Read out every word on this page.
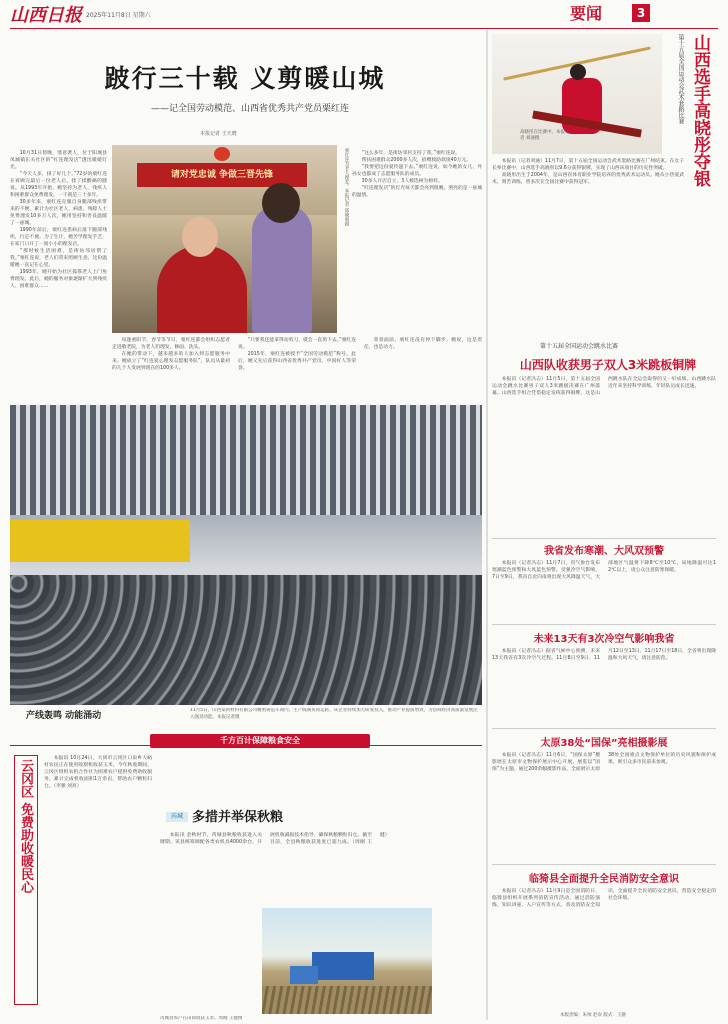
山西日报 2025年11月8日 星期六	要闻	3
跛行三十载 义剪暖山城
——记全国劳动模范、山西省优秀共产党员栗红连
本报记者 王天晓

10月31日傍晚，寒意袭人，位于阳城县凤城镇东关社区的“红连理发店”透出暖暖灯光。

“今天人多，排了好几个。”72岁的栗红连在看顾完最后一位老人后，揉了揉酸痛的腿说。从1993年开始，她坚持为老人、残疾人和困难群众免费理发，一干就是三十多年。

30多年来，栗红连克服自身腿部残疾带来的不便，累计为社区老人、病患、残障人士免费理发10多万人次，她用坚持和善良温暖了一座城。

1990年前后，栗红连患病后落下腿部残疾，行走不便。为了生计，她苦学理发手艺，在家门口开了一间小小的理发店。

“那时候生活困难，是街坊邻居帮了我。”栗红连说，老人们常来照顾生意，这份温暖她一直记在心里。

1993年，她开始为社区孤寡老人上门免费理发。此后，她的服务对象逐渐扩大到残疾人、困难群众……

请对党忠诚 争做三晋先锋	栗红连为老人理发。本报记者 郑晓娟摄	“这么多年，是街坊邻居支持了我。”栗红连说。

帮扶困难群众2000多人次，捐赠救助款项40万元。

“我要把这份爱传递下去。”栗红连说，如今她的女儿、外孙女也都成了志愿服务队的成员。

30多人开店自立，3人被选树为榜样。

“红连理发店”的灯光每天都会亮到很晚，照亮的是一座城的温情。

每逢重阳节、春节等节日，栗红连都会组织志愿者走进敬老院，为老人们理发、修面、洗头。

在她的带动下，越来越多的人加入到志愿服务中来。她成立了“红连爱心理发志愿服务队”，队员从最初的几个人发展到现在的100多人。

“只要我还能拿得动剪刀，就会一直剪下去。”栗红连说。

2015年，栗红连被授予“全国劳动模范”称号。此后，她又先后获得山西省优秀共产党员、中国好人等荣誉。

荣誉面前，栗红连没有停下脚步。她说，这是责任，也是动力。

产线轰鸣 动能涌动
11月5日，山西某新材料有限公司精密铸造车间内，生产线满负荷运转。该企业持续加大研发投入，推动产业提质增效，为县域经济高质量发展注入强劲动能。本报记者摄
千方百计保障粮食安全
云冈区 免费助收暖民心

本报讯 10月24日，大同市云冈区口泉乡大峪村农民正在使用收割机收获玉米。今年秋收期间，云冈区组织农机合作社为困难农户提供免费助收服务，累计完成机收面积1万余亩，帮助农户颗粒归仓。（李强 刘亮）

芮城 多措并举保秋粮

本报讯 金秋时节，芮城县秋粮收获进入关键期。该县统筹调配各类农机具4000余台，开展机收减损技术指导，确保秋粮颗粒归仓。截至目前，全县秋粮收获进度已超九成。（周刚 王健）

芮城县农户在田间收获玉米。周刚 王健摄
高晓彤在比赛中。本报记者 刘通摄
第十五届全国运动会武术套路比赛 山西选手高晓彤夺银

本报讯（记者刘通）11月7日，第十五届全国运动会武术套路比赛在广州结束。在女子长拳比赛中，山西选手高晓彤以9.6分获得银牌，实现了山西该项目的历史性突破。

高晓彤出生于2004年，是山西省体育职业学院培养的优秀武术运动员。她从小热爱武术，刻苦训练，曾多次在全国比赛中获得冠军。

第十五届全国运动会跳水比赛
山西队收获男子双人3米跳板铜牌

本报讯（记者冯志）11月5日，第十五届全国运动会跳水比赛男子双人3米跳板决赛在广州落幕。山西选手组合凭借稳定发挥获得铜牌，这是山西跳水队在全运会取得的又一好成绩。山西跳水队近年来坚持科学训练，年轻队员成长迅速。

我省发布寒潮、大风双预警

本报讯（记者冯志）11月7日，省气象台发布寒潮蓝色预警和大风蓝色预警。受强冷空气影响，7日至9日，我省自北向南将出现大风降温天气，大部地区气温将下降8℃至10℃，局地降温可达12℃以上，请公众注意防寒保暖。

未来13天有3次冷空气影响我省

本报讯（记者冯志）据省气候中心预测，未来13天我省有3次冷空气过程。11月8日至9日、11月12日至13日、11月17日至18日，全省将出现降温和大风天气，请注意防范。

太原38处“国保”亮相摄影展

本报讯（记者冯志）11月6日，“国保太原”摄影展在太原市文物保护展示中心开展。展览以“国保”为主题，通过200余幅摄影作品，全面展示太原38处全国重点文物保护单位的历史风貌和保护成果，吸引众多市民前来参观。

临猗县全面提升全民消防安全意识

本报讯（记者冯志）11月9日是全国消防日，临猗县组织开展系列消防宣传活动，通过消防演练、知识讲座、入户宣传等方式，普及消防安全知识，全面提升全民消防安全意识，营造安全稳定的社会环境。

本版责编：朱帅 赵欢 版式：王静
